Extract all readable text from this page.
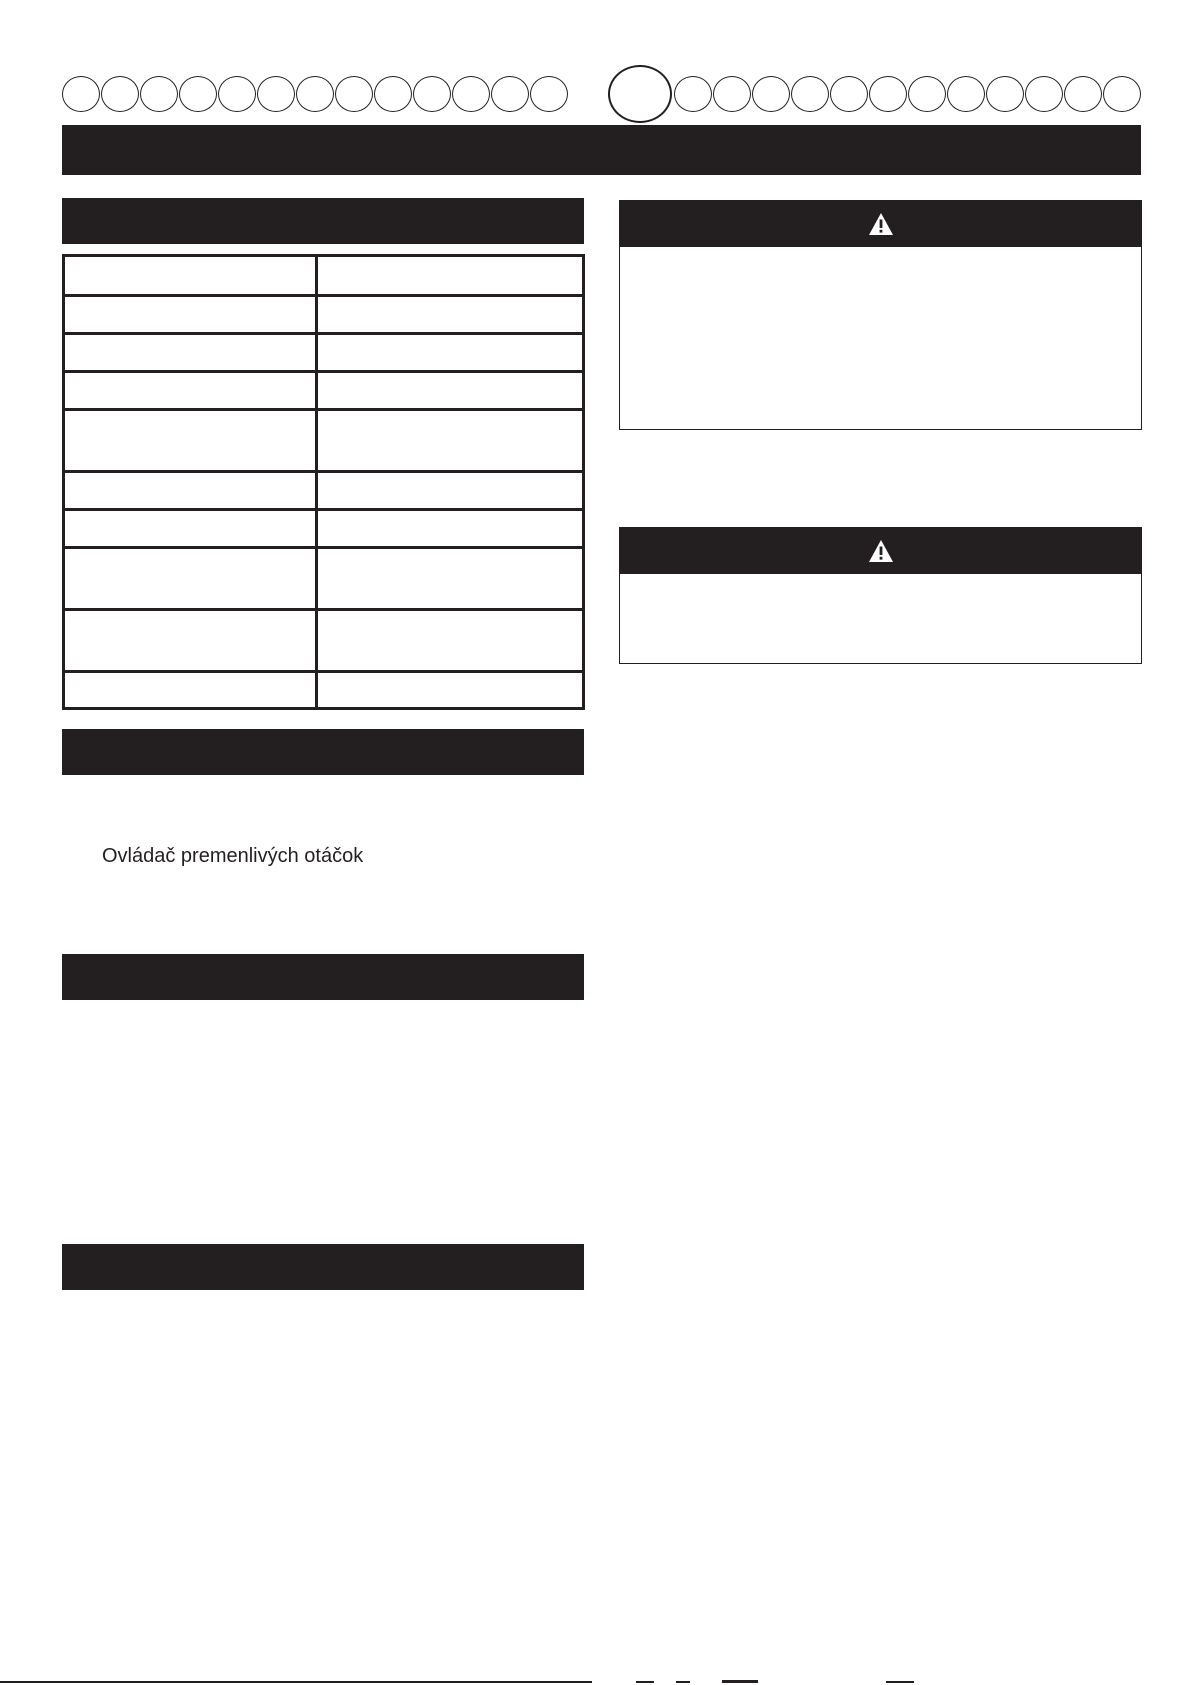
Ovládač premenlivých otáčok
